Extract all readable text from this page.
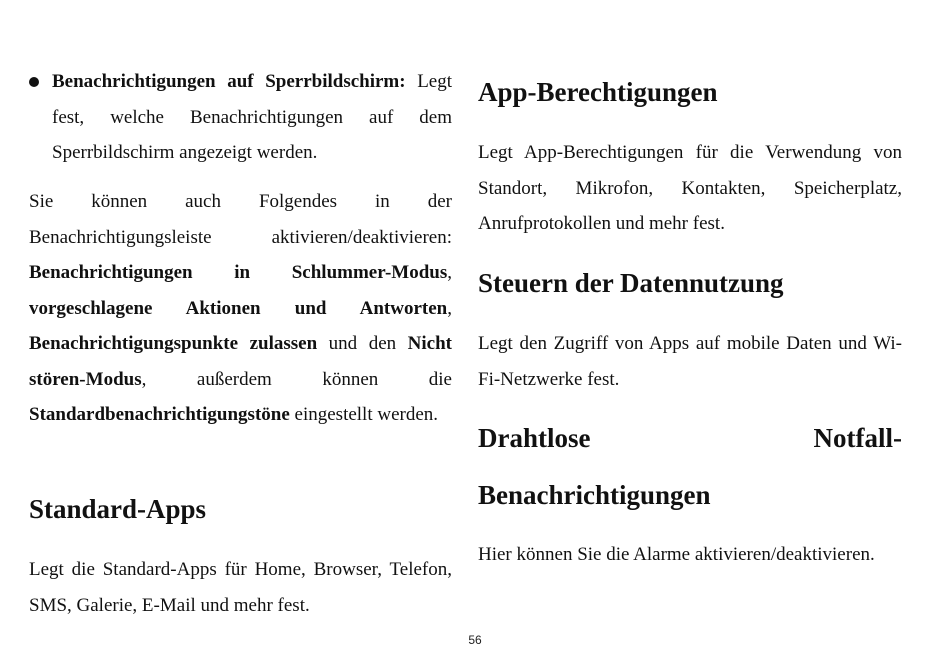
Benachrichtigungen auf Sperrbildschirm: Legt fest, welche Benachrichtigungen auf dem Sperrbildschirm angezeigt werden.

Sie können auch Folgendes in der Benachrichtigungsleiste aktivieren/deaktivieren: Benachrichtigungen in Schlummer-Modus, vorgeschlagene Aktionen und Antworten, Benachrichtigungspunkte zulassen und den Nicht stören-Modus, außerdem können die Standardbenachrichtigungstöne eingestellt werden.

Standard-Apps

Legt die Standard-Apps für Home, Browser, Telefon, SMS, Galerie, E-Mail und mehr fest.

App-Berechtigungen

Legt App-Berechtigungen für die Verwendung von Standort, Mikrofon, Kontakten, Speicherplatz, Anrufprotokollen und mehr fest.

Steuern der Datennutzung

Legt den Zugriff von Apps auf mobile Daten und Wi-Fi-Netzwerke fest.

Drahtlose Notfall-Benachrichtigungen

Hier können Sie die Alarme aktivieren/deaktivieren.

56
